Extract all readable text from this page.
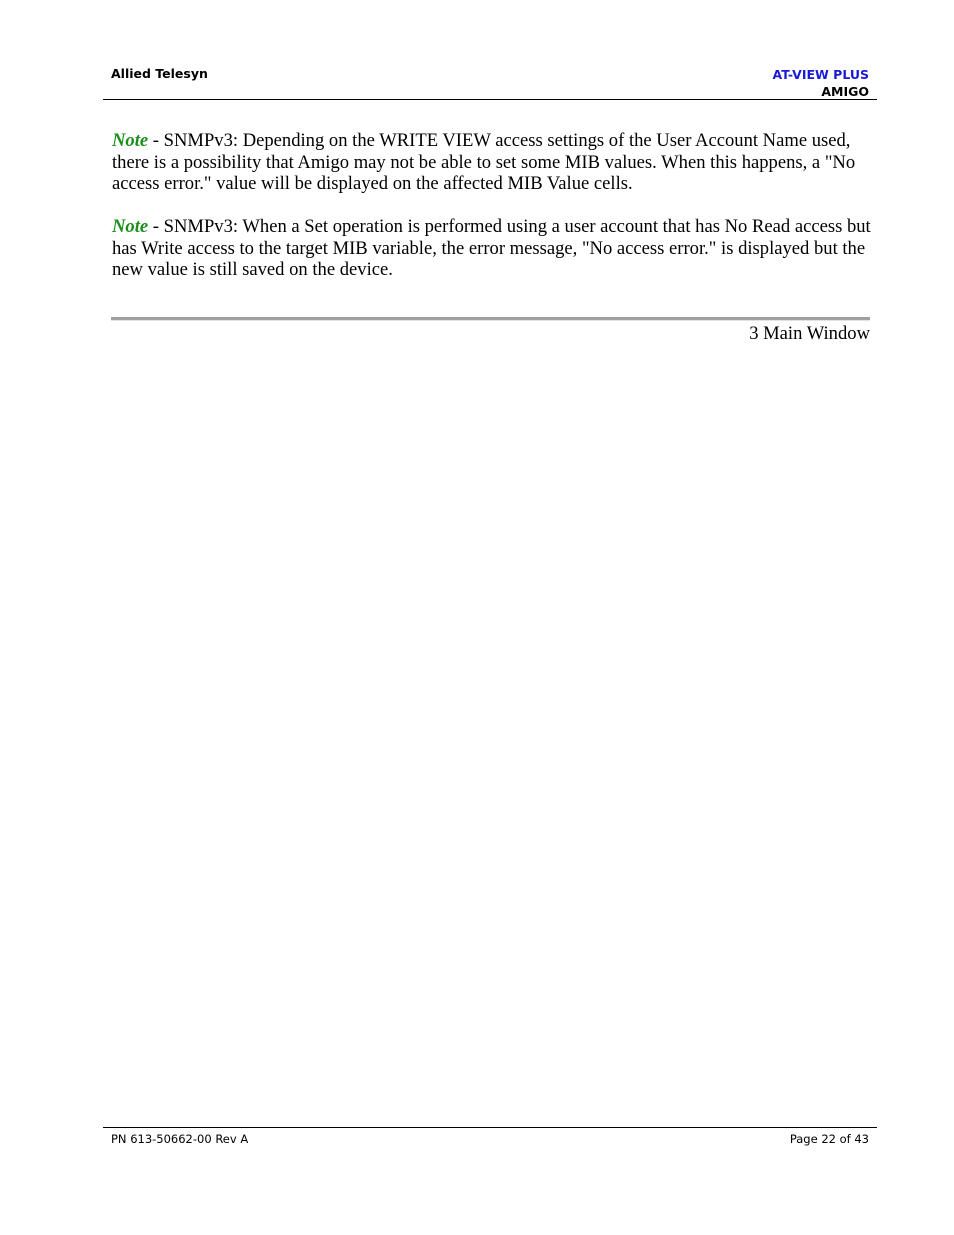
Allied Telesyn	AT-VIEW PLUS
AMIGO

Note - SNMPv3: Depending on the WRITE VIEW access settings of the User Account Name used, there is a possibility that Amigo may not be able to set some MIB values. When this happens, a "No access error." value will be displayed on the affected MIB Value cells.

Note - SNMPv3: When a Set operation is performed using a user account that has No Read access but has Write access to the target MIB variable, the error message, "No access error." is displayed but the new value is still saved on the device.

3 Main Window
PN 613-50662-00 Rev A	Page 22 of 43
